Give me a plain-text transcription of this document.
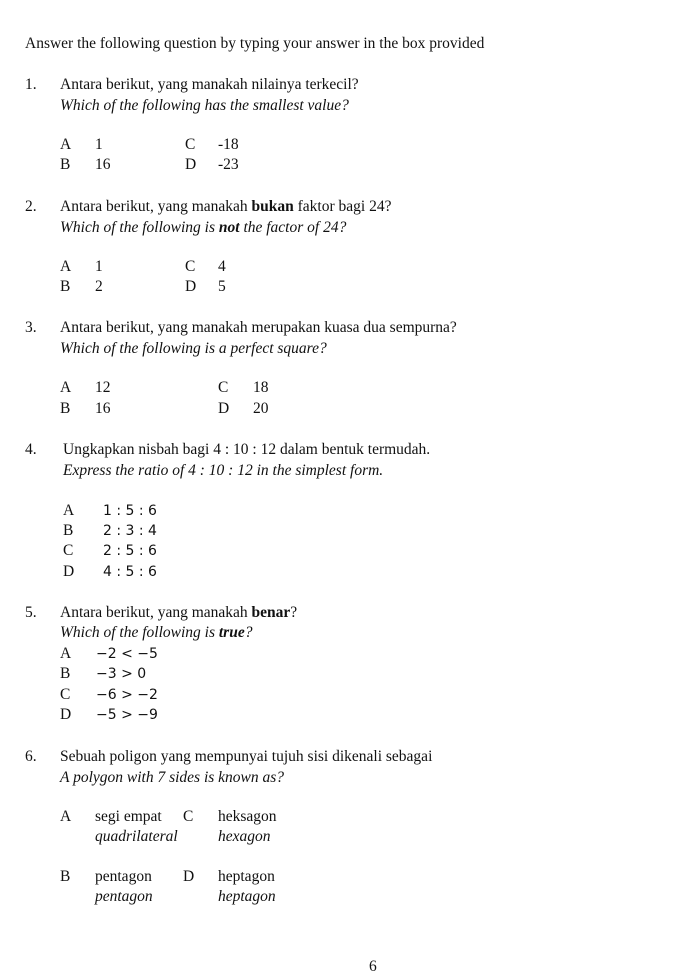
Answer the following question by typing your answer in the box provided
1. Antara berikut, yang manakah nilainya terkecil?
Which of the following has the smallest value?
A 1
B 16
C -18
D -23
2. Antara berikut, yang manakah bukan faktor bagi 24?
Which of the following is not the factor of 24?
A 1
B 2
C 4
D 5
3. Antara berikut, yang manakah merupakan kuasa dua sempurna?
Which of the following is a perfect square?
A 12
B 16
C 18
D 20
4. Ungkapkan nisbah bagi 4 : 10 : 12 dalam bentuk termudah.
Express the ratio of 4 : 10 : 12 in the simplest form.
A 1 : 5 : 6
B 2 : 3 : 4
C 2 : 5 : 6
D 4 : 5 : 6
5. Antara berikut, yang manakah benar?
Which of the following is true?
A −2 < −5
B −3 > 0
C −6 > −2
D −5 > −9
6. Sebuah poligon yang mempunyai tujuh sisi dikenali sebagai
A polygon with 7 sides is known as?
A segi empat
quadrilateral
C heksagon
hexagon
B pentagon
pentagon
D heptagon
heptagon
6
